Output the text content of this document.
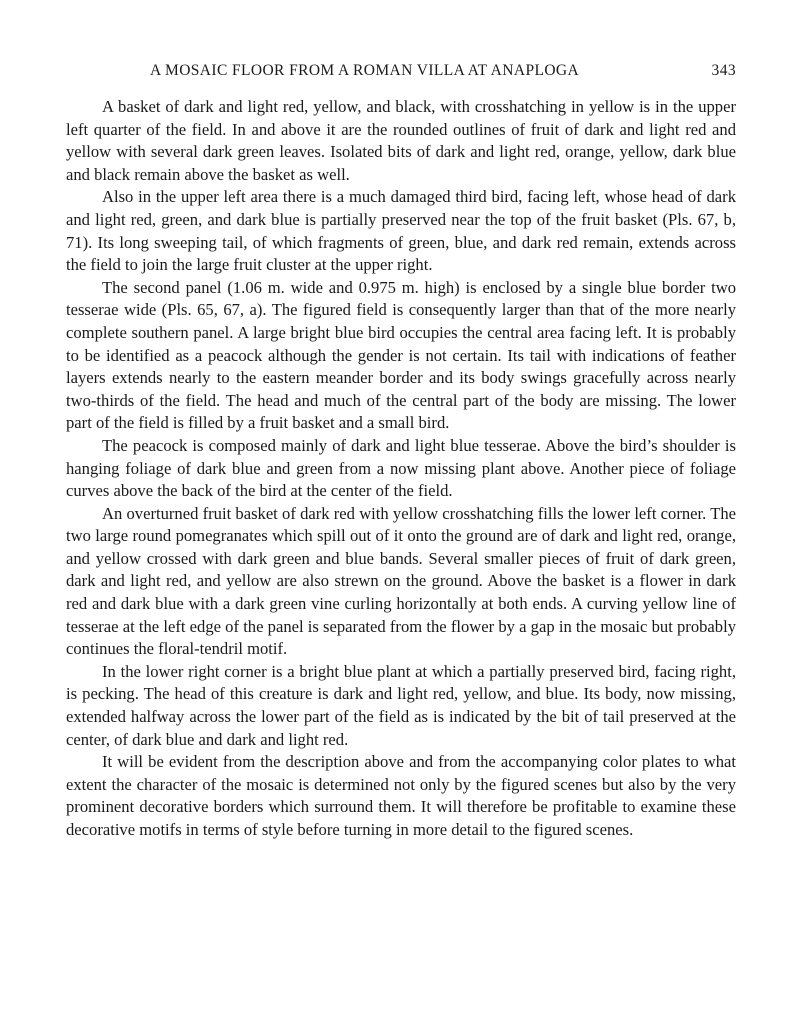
A MOSAIC FLOOR FROM A ROMAN VILLA AT ANAPLOGA	343

A basket of dark and light red, yellow, and black, with crosshatching in yellow is in the upper left quarter of the field. In and above it are the rounded outlines of fruit of dark and light red and yellow with several dark green leaves. Isolated bits of dark and light red, orange, yellow, dark blue and black remain above the basket as well.

Also in the upper left area there is a much damaged third bird, facing left, whose head of dark and light red, green, and dark blue is partially preserved near the top of the fruit basket (Pls. 67, b, 71). Its long sweeping tail, of which fragments of green, blue, and dark red remain, extends across the field to join the large fruit cluster at the upper right.

The second panel (1.06 m. wide and 0.975 m. high) is enclosed by a single blue border two tesserae wide (Pls. 65, 67, a). The figured field is consequently larger than that of the more nearly complete southern panel. A large bright blue bird occupies the central area facing left. It is probably to be identified as a peacock although the gender is not certain. Its tail with indications of feather layers extends nearly to the eastern meander border and its body swings gracefully across nearly two-thirds of the field. The head and much of the central part of the body are missing. The lower part of the field is filled by a fruit basket and a small bird.

The peacock is composed mainly of dark and light blue tesserae. Above the bird’s shoulder is hanging foliage of dark blue and green from a now missing plant above. Another piece of foliage curves above the back of the bird at the center of the field.

An overturned fruit basket of dark red with yellow crosshatching fills the lower left corner. The two large round pomegranates which spill out of it onto the ground are of dark and light red, orange, and yellow crossed with dark green and blue bands. Several smaller pieces of fruit of dark green, dark and light red, and yellow are also strewn on the ground. Above the basket is a flower in dark red and dark blue with a dark green vine curling horizontally at both ends. A curving yellow line of tesserae at the left edge of the panel is separated from the flower by a gap in the mosaic but probably continues the floral-tendril motif.

In the lower right corner is a bright blue plant at which a partially preserved bird, facing right, is pecking. The head of this creature is dark and light red, yellow, and blue. Its body, now missing, extended halfway across the lower part of the field as is indicated by the bit of tail preserved at the center, of dark blue and dark and light red.

It will be evident from the description above and from the accompanying color plates to what extent the character of the mosaic is determined not only by the figured scenes but also by the very prominent decorative borders which surround them. It will therefore be profitable to examine these decorative motifs in terms of style before turning in more detail to the figured scenes.
